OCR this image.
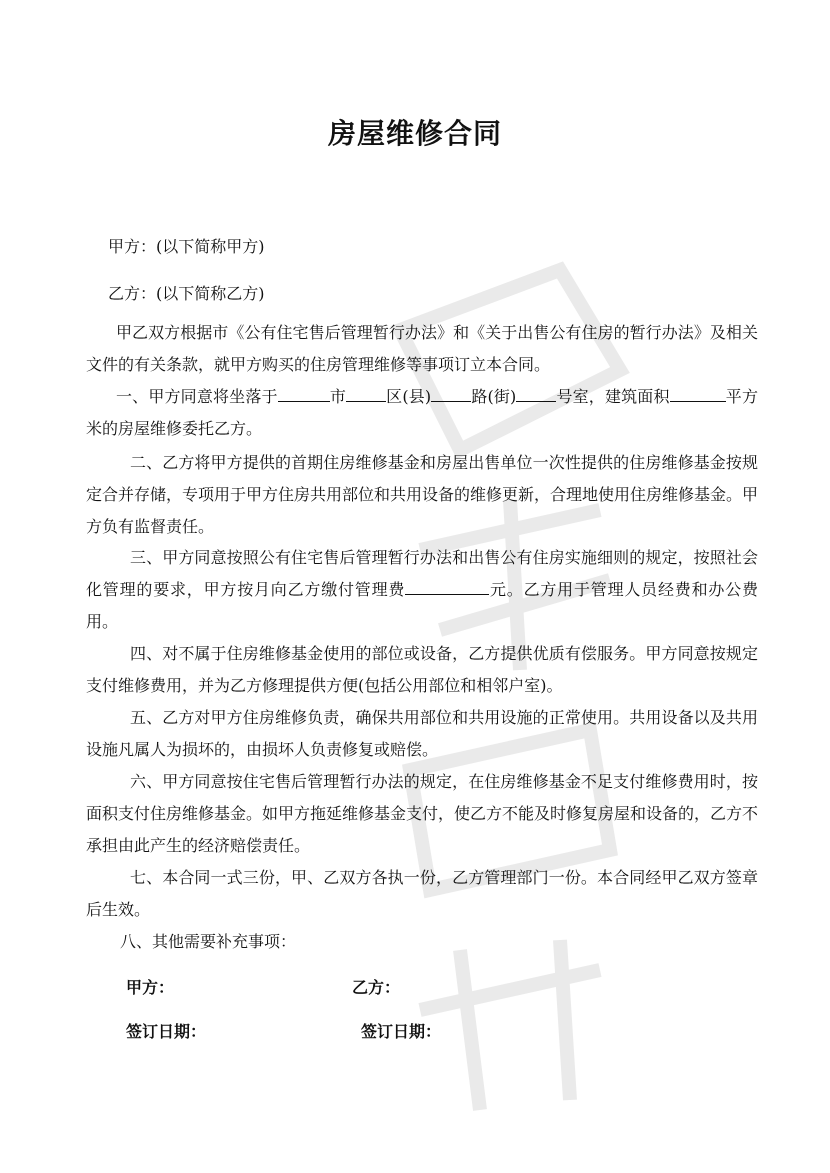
房屋维修合同
甲方：(以下简称甲方)
乙方：(以下简称乙方)

甲乙双方根据市《公有住宅售后管理暂行办法》和《关于出售公有住房的暂行办法》及相关文件的有关条款，就甲方购买的住房管理维修等事项订立本合同。

一、甲方同意将坐落于	市	区(县)	路(街)	号室，建筑面积	平方米的房屋维修委托乙方。

二、乙方将甲方提供的首期住房维修基金和房屋出售单位一次性提供的住房维修基金按规定合并存储，专项用于甲方住房共用部位和共用设备的维修更新，合理地使用住房维修基金。甲方负有监督责任。

三、甲方同意按照公有住宅售后管理暂行办法和出售公有住房实施细则的规定，按照社会化管理的要求，甲方按月向乙方缴付管理费	元。乙方用于管理人员经费和办公费用。

四、对不属于住房维修基金使用的部位或设备，乙方提供优质有偿服务。甲方同意按规定支付维修费用，并为乙方修理提供方便(包括公用部位和相邻户室)。

五、乙方对甲方住房维修负责，确保共用部位和共用设施的正常使用。共用设备以及共用设施凡属人为损坏的，由损坏人负责修复或赔偿。

六、甲方同意按住宅售后管理暂行办法的规定，在住房维修基金不足支付维修费用时，按面积支付住房维修基金。如甲方拖延维修基金支付，使乙方不能及时修复房屋和设备的，乙方不承担由此产生的经济赔偿责任。

七、本合同一式三份，甲、乙双方各执一份，乙方管理部门一份。本合同经甲乙双方签章后生效。

八、其他需要补充事项：

甲方：	乙方：
签订日期：	签订日期：
